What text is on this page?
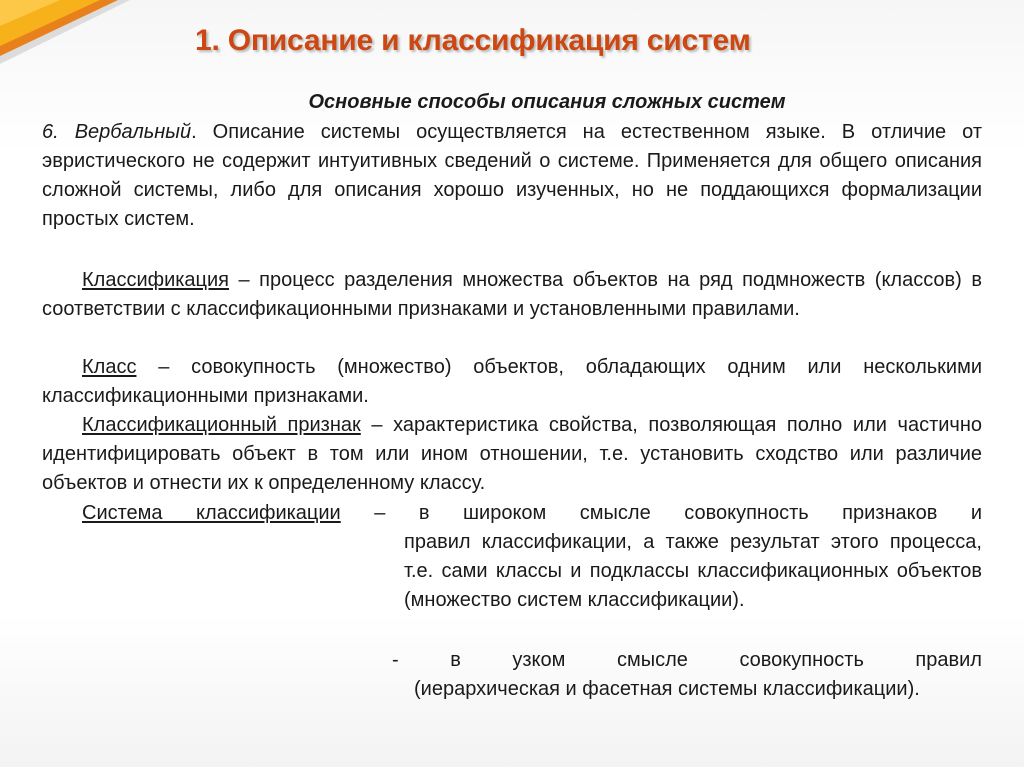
1. Описание и классификация систем
Основные способы описания сложных систем
6. Вербальный. Описание системы осуществляется на естественном языке. В отличие от эвристического не содержит интуитивных сведений о системе. Применяется для общего описания сложной системы, либо для описания хорошо изученных, но не поддающихся формализации простых систем.
Классификация – процесс разделения множества объектов на ряд подмножеств (классов) в соответствии с классификационными признаками и установленными правилами.
Класс – совокупность (множество) объектов, обладающих одним или несколькими классификационными признаками.
Классификационный признак – характеристика свойства, позволяющая полно или частично идентифицировать объект в том или ином отношении, т.е. установить сходство или различие объектов и отнести их к определенному классу.
Система классификации – в широком смысле совокупность признаков и
правил классификации, а также результат этого процесса, т.е. сами классы и подклассы классификационных объектов (множество систем классификации).
-	в	узком	смысле	совокупность	правил
(иерархическая и фасетная системы классификации).
